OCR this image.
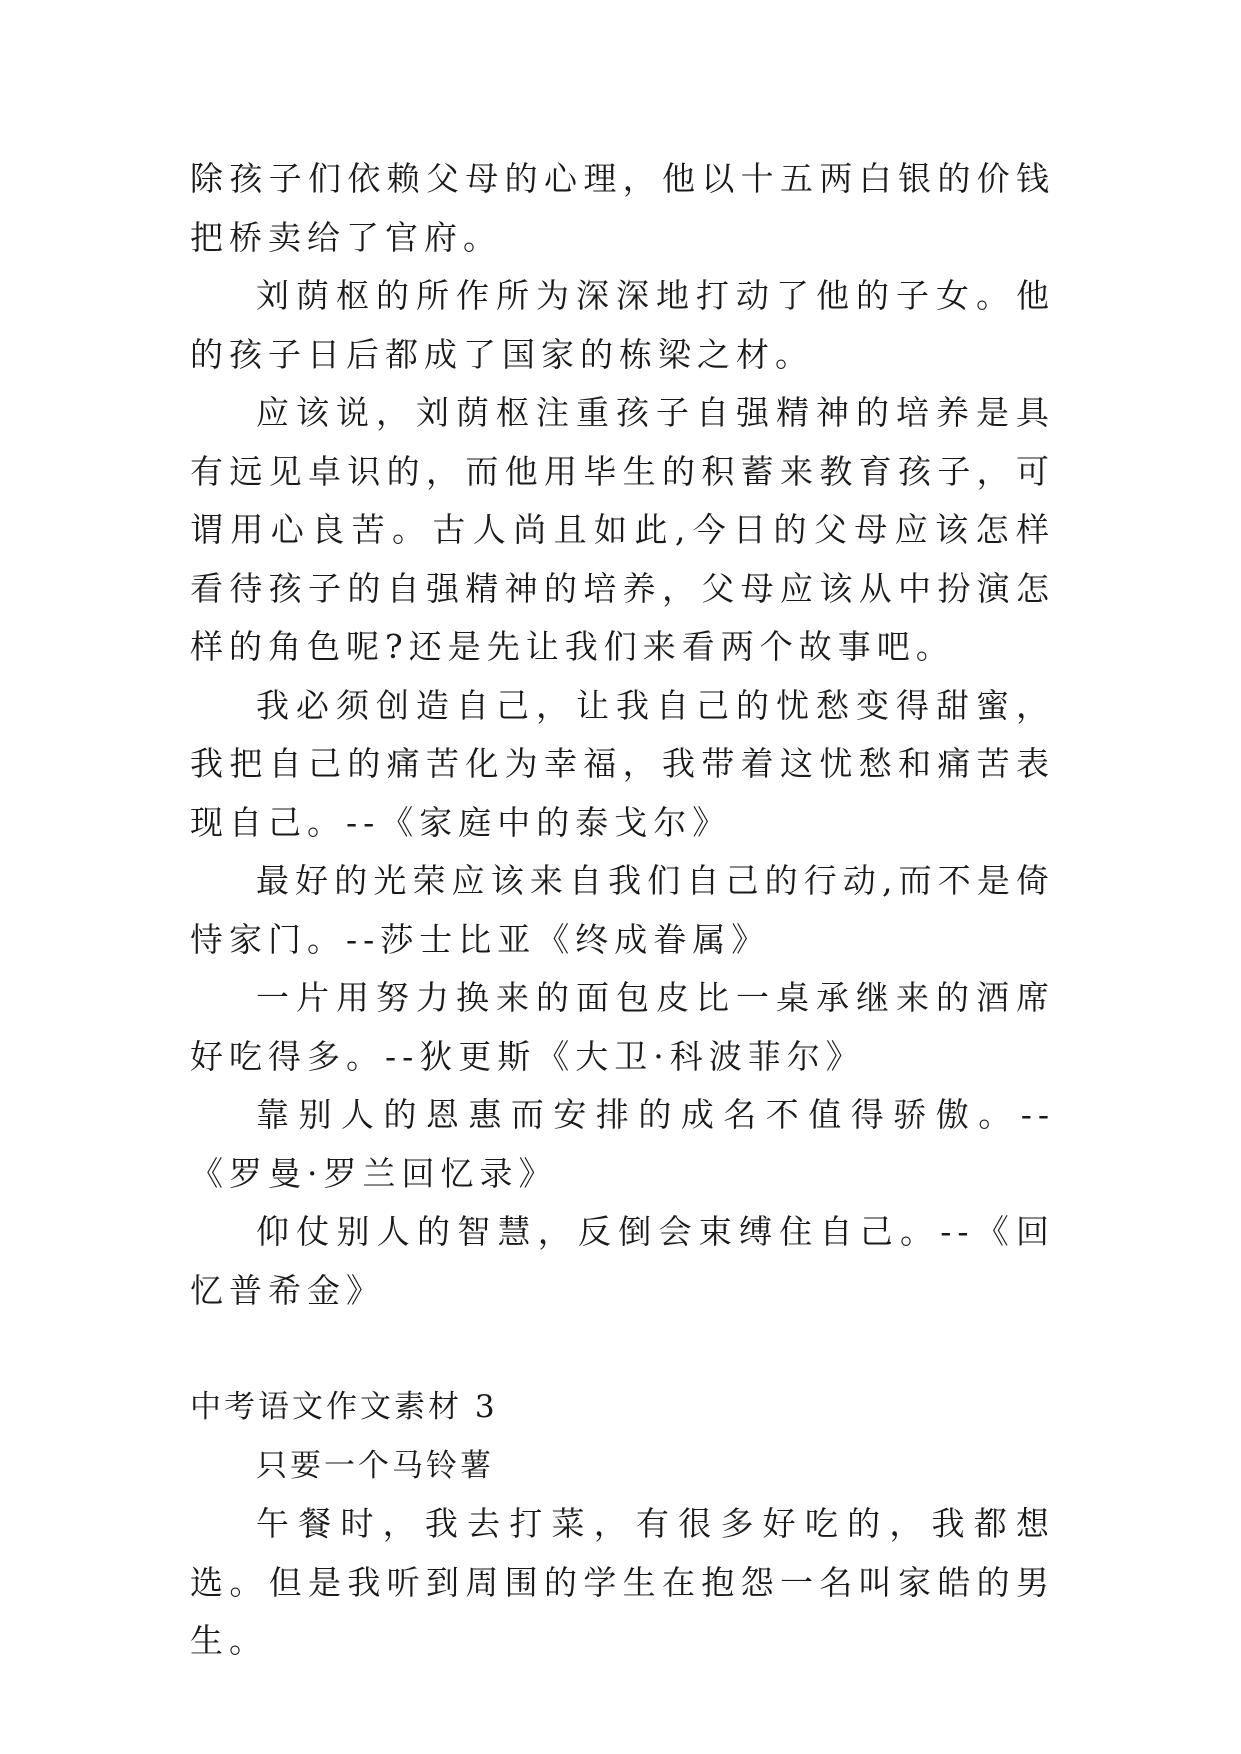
除孩子们依赖父母的心理，他以十五两白银的价钱把桥卖给了官府。

刘荫枢的所作所为深深地打动了他的子女。他的孩子日后都成了国家的栋梁之材。

应该说，刘荫枢注重孩子自强精神的培养是具有远见卓识的，而他用毕生的积蓄来教育孩子，可谓用心良苦。古人尚且如此,今日的父母应该怎样看待孩子的自强精神的培养，父母应该从中扮演怎样的角色呢?还是先让我们来看两个故事吧。

我必须创造自己，让我自己的忧愁变得甜蜜，我把自己的痛苦化为幸福，我带着这忧愁和痛苦表现自己。--《家庭中的泰戈尔》

最好的光荣应该来自我们自己的行动,而不是倚恃家门。--莎士比亚《终成眷属》

一片用努力换来的面包皮比一桌承继来的酒席好吃得多。--狄更斯《大卫·科波菲尔》

靠别人的恩惠而安排的成名不值得骄傲。--《罗曼·罗兰回忆录》

仰仗别人的智慧，反倒会束缚住自己。--《回忆普希金》

中考语文作文素材 3

只要一个马铃薯

午餐时，我去打菜，有很多好吃的，我都想选。但是我听到周围的学生在抱怨一名叫家皓的男生。
